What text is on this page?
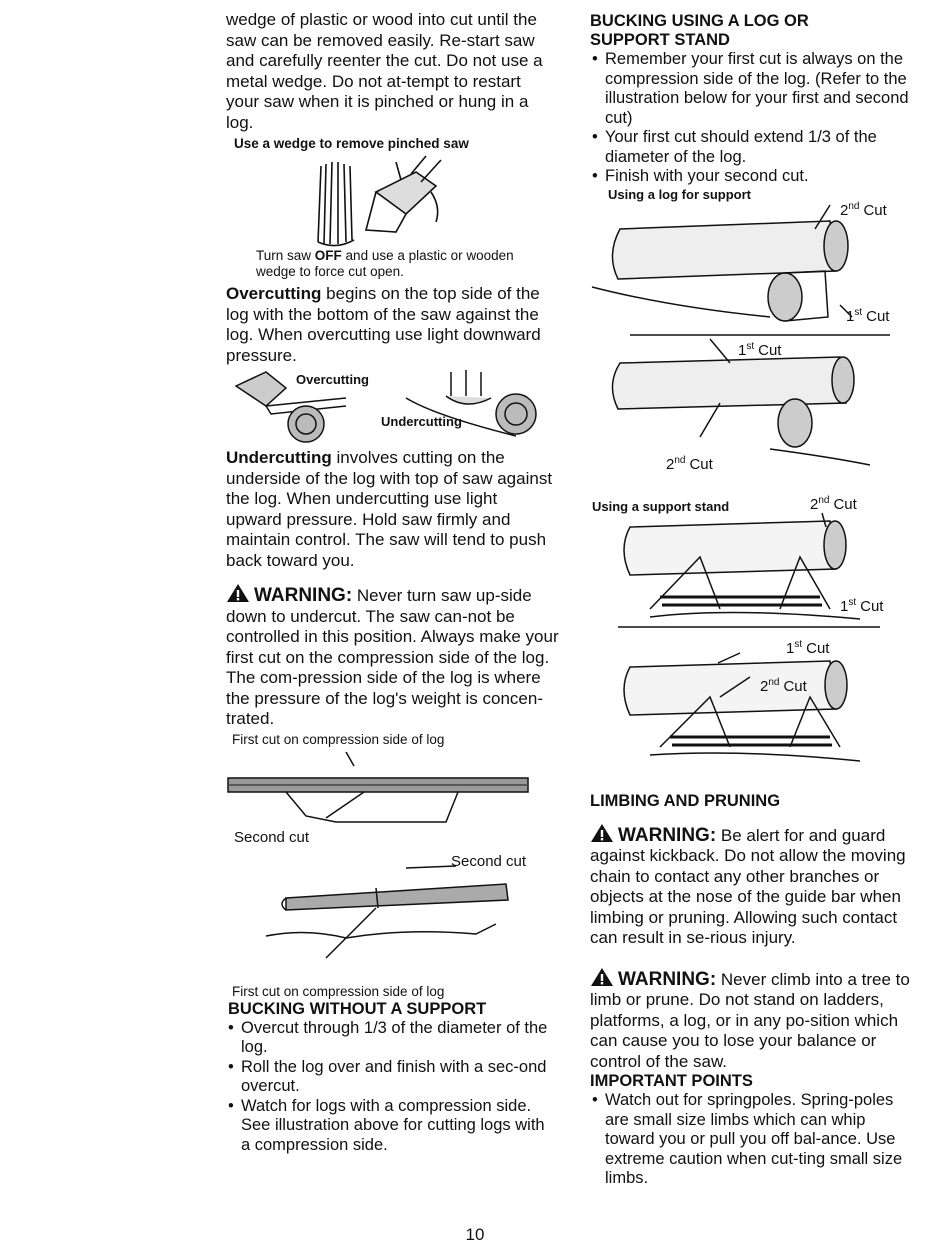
wedge of plastic or wood into cut until the saw can be removed easily. Re-start saw and carefully reenter the cut. Do not use a metal wedge. Do not at-tempt to restart your saw when it is pinched or hung in a log.

Use a wedge to remove pinched saw

Turn saw OFF and use a plastic or wooden wedge to force cut open.

Overcutting begins on the top side of the log with the bottom of the saw against the log. When overcutting use light downward pressure.

Overcutting
Undercutting

Undercutting involves cutting on the underside of the log with top of saw against the log. When undercutting use light upward pressure. Hold saw firmly and maintain control. The saw will tend to push back toward you.

WARNING: Never turn saw up-side down to undercut. The saw can-not be controlled in this position. Always make your first cut on the compression side of the log. The com-pression side of the log is where the pressure of the log's weight is concen-trated.

First cut on compression side of log

Second cut
Second cut

First cut on compression side of log

BUCKING WITHOUT A SUPPORT

• Overcut through 1/3 of the diameter of the log.
• Roll the log over and finish with a sec-ond overcut.
• Watch for logs with a compression side. See illustration above for cutting logs with a compression side.

BUCKING USING A LOG OR

SUPPORT STAND

• Remember your first cut is always on the compression side of the log. (Refer to the illustration below for your first and second cut)
• Your first cut should extend 1/3 of the diameter of the log.
• Finish with your second cut.
Using a log for support
2nd Cut
1st Cut
1st Cut
2nd Cut
Using a support stand	2nd Cut
1st Cut
1st Cut
2nd Cut

LIMBING AND PRUNING

WARNING: Be alert for and guard against kickback. Do not allow the moving chain to contact any other branches or objects at the nose of the guide bar when limbing or pruning. Allowing such contact can result in se-rious injury.

WARNING: Never climb into a tree to limb or prune. Do not stand on ladders, platforms, a log, or in any po-sition which can cause you to lose your balance or control of the saw.

IMPORTANT POINTS

• Watch out for springpoles. Spring-poles are small size limbs which can whip toward you or pull you off bal-ance. Use extreme caution when cut-ting small size limbs.
10
